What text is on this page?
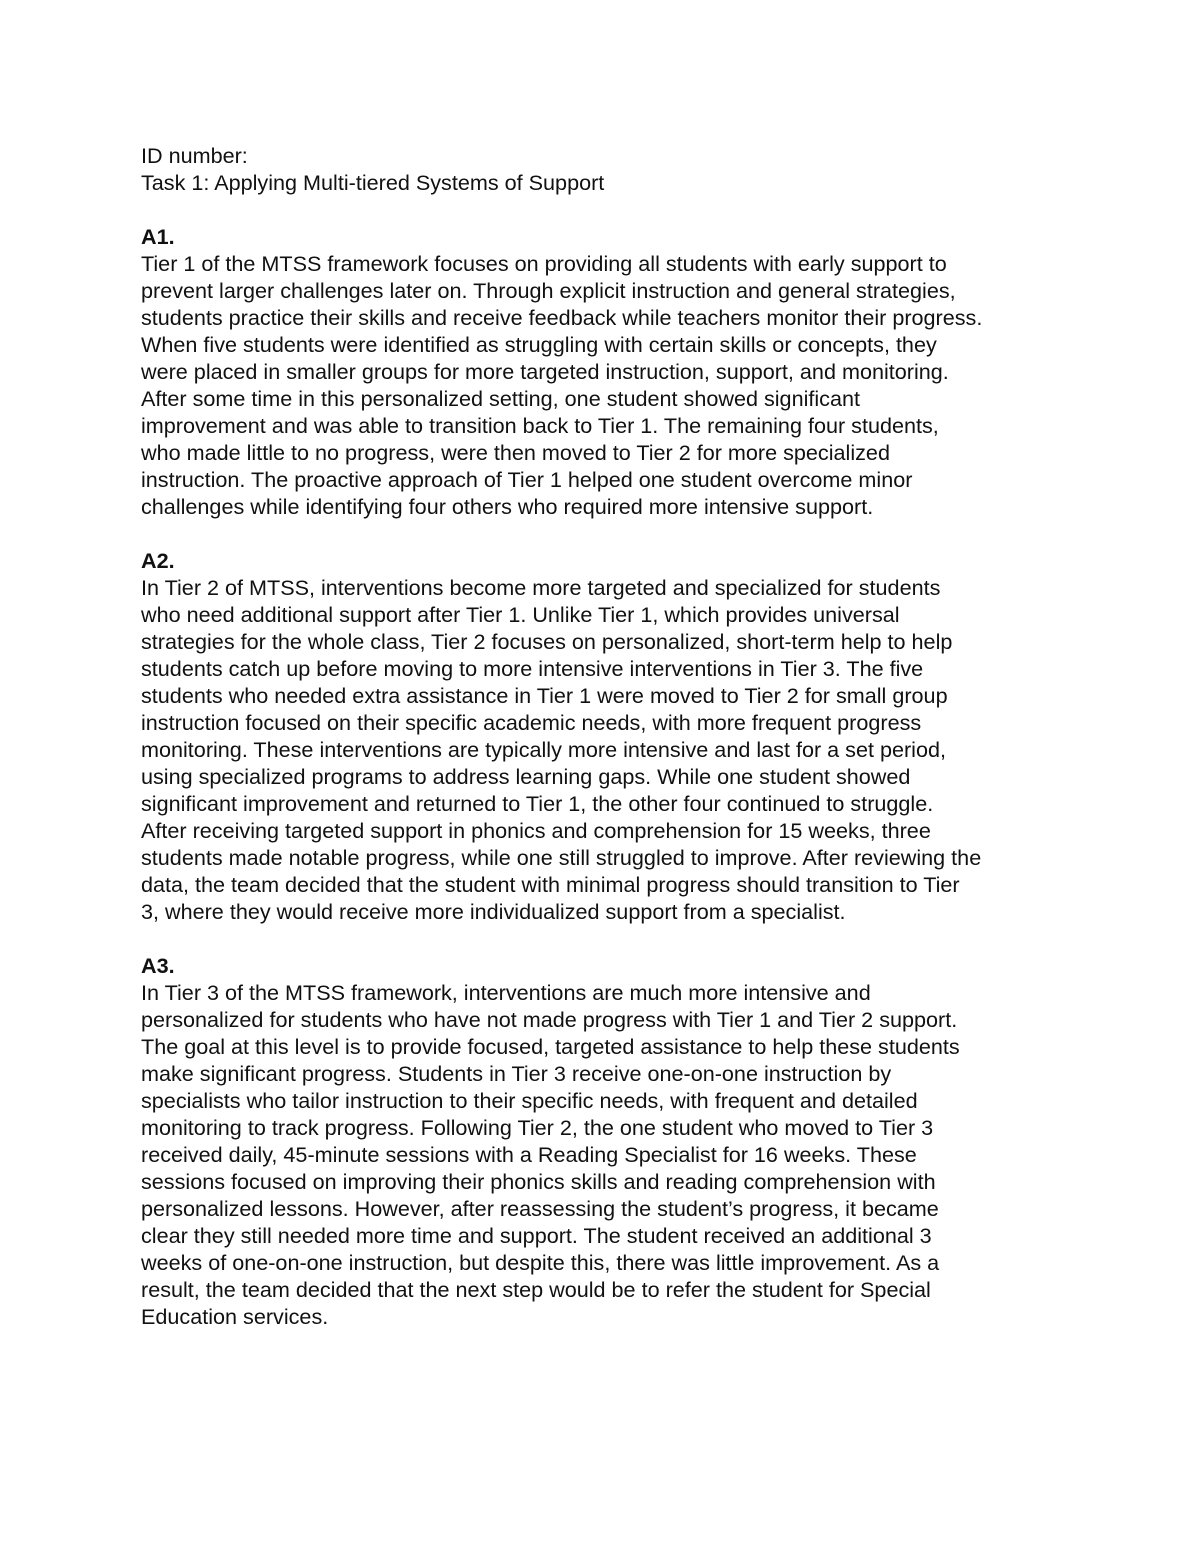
ID number:
Task 1: Applying Multi-tiered Systems of Support
A1.
Tier 1 of the MTSS framework focuses on providing all students with early support to
prevent larger challenges later on. Through explicit instruction and general strategies,
students practice their skills and receive feedback while teachers monitor their progress.
When five students were identified as struggling with certain skills or concepts, they
were placed in smaller groups for more targeted instruction, support, and monitoring.
After some time in this personalized setting, one student showed significant
improvement and was able to transition back to Tier 1. The remaining four students,
who made little to no progress, were then moved to Tier 2 for more specialized
instruction. The proactive approach of Tier 1 helped one student overcome minor
challenges while identifying four others who required more intensive support.
A2.
In Tier 2 of MTSS, interventions become more targeted and specialized for students
who need additional support after Tier 1. Unlike Tier 1, which provides universal
strategies for the whole class, Tier 2 focuses on personalized, short-term help to help
students catch up before moving to more intensive interventions in Tier 3. The five
students who needed extra assistance in Tier 1 were moved to Tier 2 for small group
instruction focused on their specific academic needs, with more frequent progress
monitoring. These interventions are typically more intensive and last for a set period,
using specialized programs to address learning gaps. While one student showed
significant improvement and returned to Tier 1, the other four continued to struggle.
After receiving targeted support in phonics and comprehension for 15 weeks, three
students made notable progress, while one still struggled to improve. After reviewing the
data, the team decided that the student with minimal progress should transition to Tier
3, where they would receive more individualized support from a specialist.
A3.
In Tier 3 of the MTSS framework, interventions are much more intensive and
personalized for students who have not made progress with Tier 1 and Tier 2 support.
The goal at this level is to provide focused, targeted assistance to help these students
make significant progress. Students in Tier 3 receive one-on-one instruction by
specialists who tailor instruction to their specific needs, with frequent and detailed
monitoring to track progress. Following Tier 2, the one student who moved to Tier 3
received daily, 45-minute sessions with a Reading Specialist for 16 weeks. These
sessions focused on improving their phonics skills and reading comprehension with
personalized lessons. However, after reassessing the student’s progress, it became
clear they still needed more time and support. The student received an additional 3
weeks of one-on-one instruction, but despite this, there was little improvement. As a
result, the team decided that the next step would be to refer the student for Special
Education services.
